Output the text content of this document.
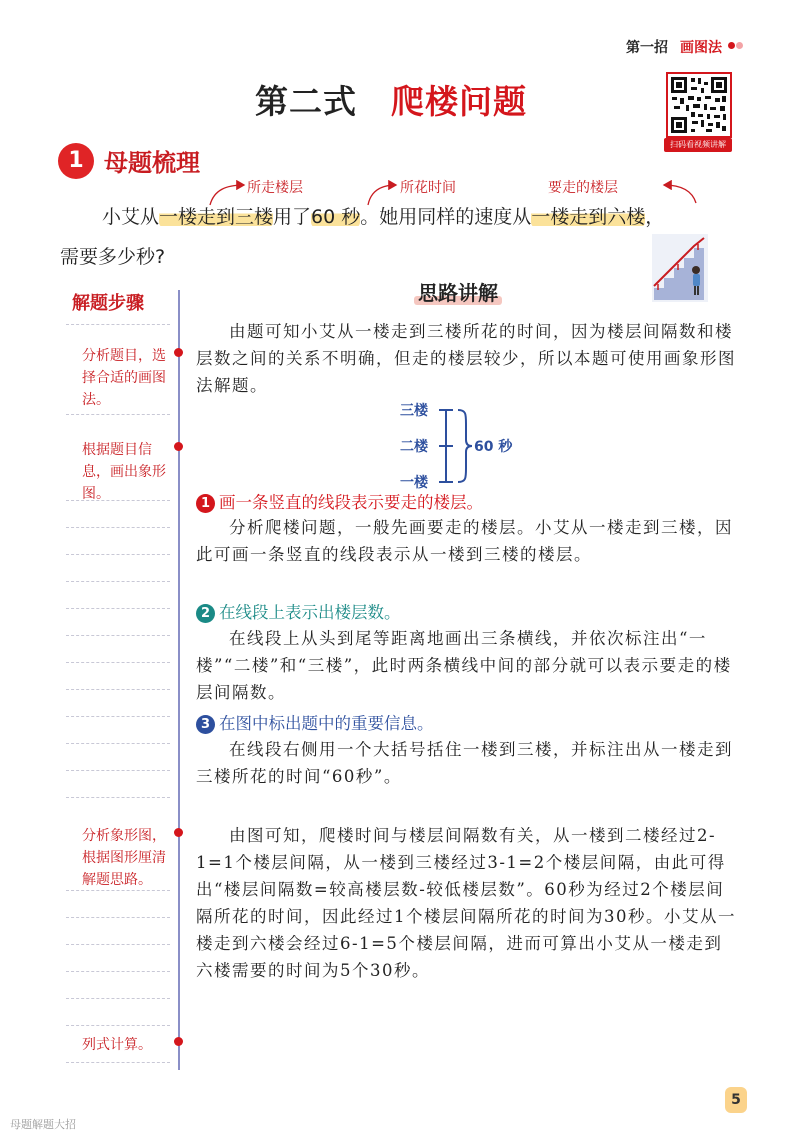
第一招 画图法
第二式 爬楼问题
扫码看视频讲解
1 母题梳理
所走楼层	所花时间	要走的楼层
小艾从一楼走到三楼用了60 秒。她用同样的速度从一楼走到六楼，
需要多少秒?
解题步骤
分析题目，选择合适的画图法。
根据题目信息，画出象形图。
分析象形图，根据图形厘清解题思路。
列式计算。
思路讲解
由题可知小艾从一楼走到三楼所花的时间，因为楼层间隔数和楼层数之间的关系不明确，但走的楼层较少，所以本题可使用画象形图法解题。
三楼
二楼
一楼
60 秒
1 画一条竖直的线段表示要走的楼层。
分析爬楼问题，一般先画要走的楼层。小艾从一楼走到三楼，因此可画一条竖直的线段表示从一楼到三楼的楼层。
2 在线段上表示出楼层数。
在线段上从头到尾等距离地画出三条横线，并依次标注出“一楼”“二楼”和“三楼”，此时两条横线中间的部分就可以表示要走的楼层间隔数。
3 在图中标出题中的重要信息。
在线段右侧用一个大括号括住一楼到三楼，并标注出从一楼走到三楼所花的时间“60秒”。
由图可知，爬楼时间与楼层间隔数有关，从一楼到二楼经过2-1=1个楼层间隔，从一楼到三楼经过3-1=2个楼层间隔，由此可得出“楼层间隔数=较高楼层数-较低楼层数”。60秒为经过2个楼层间隔所花的时间，因此经过1个楼层间隔所花的时间为30秒。小艾从一楼走到六楼会经过6-1=5个楼层间隔，进而可算出小艾从一楼走到六楼需要的时间为5个30秒。
5
母题解题大招
